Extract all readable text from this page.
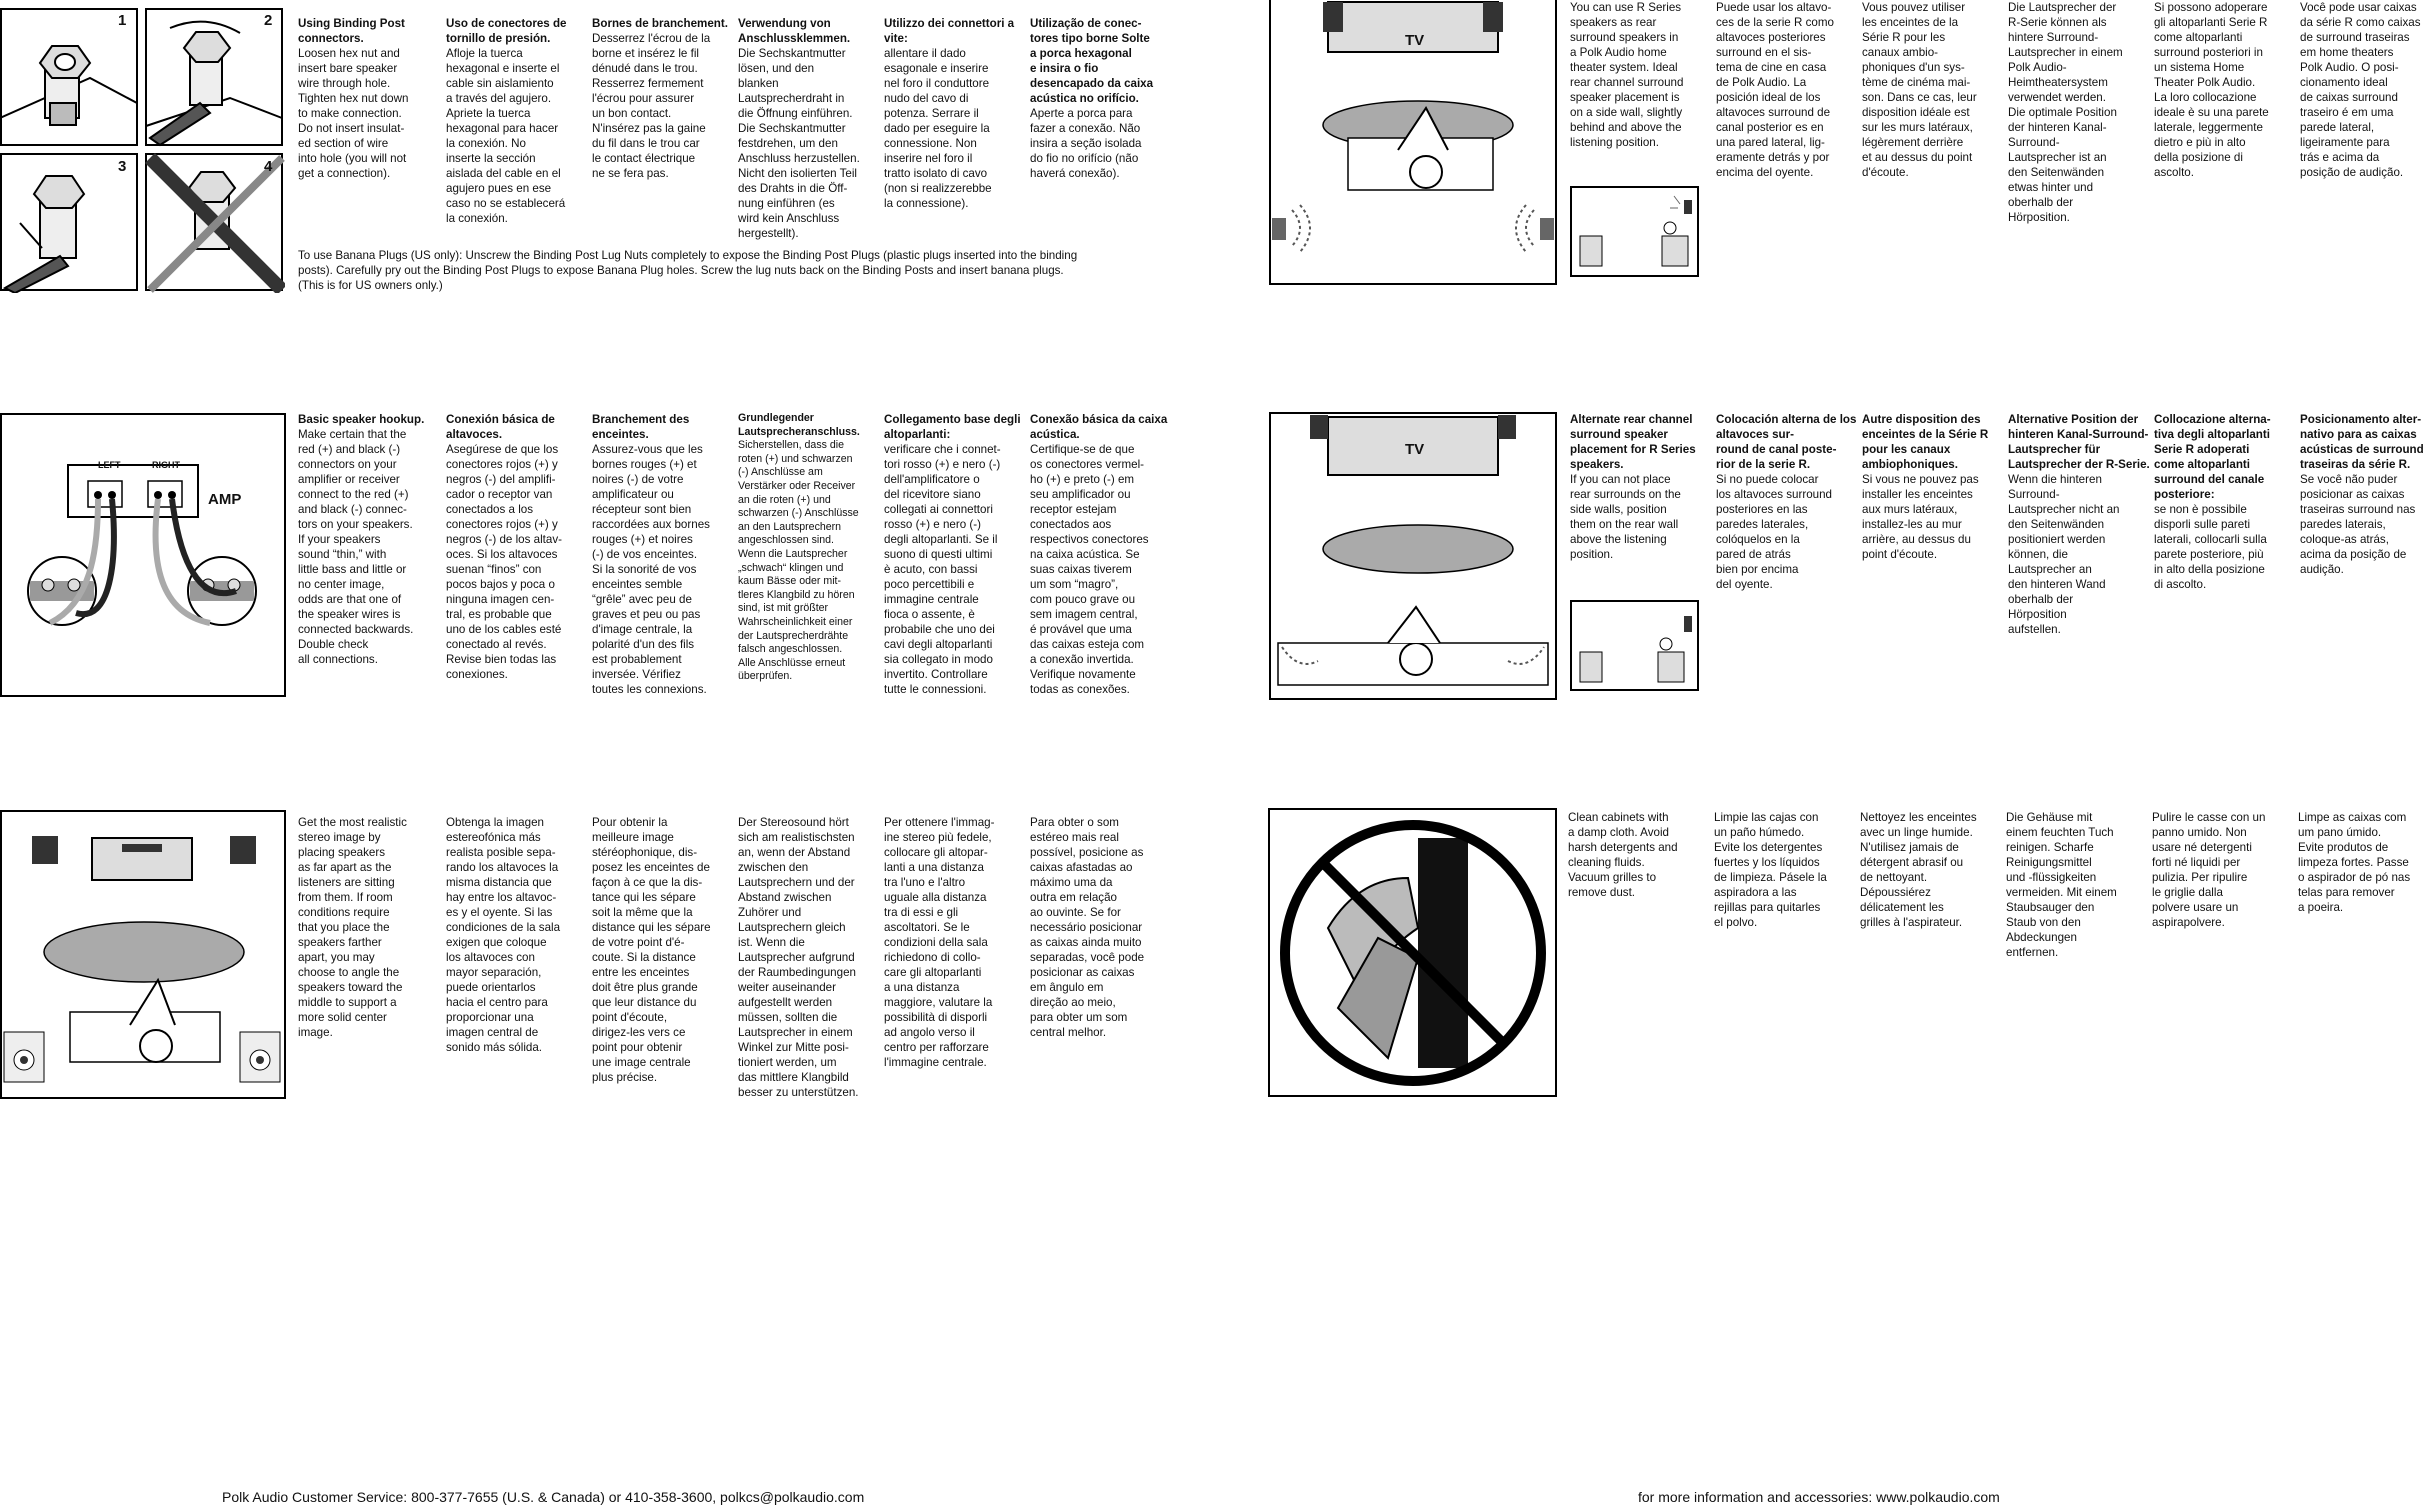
1	2
3	4
Using Binding Post connectors.
Loosen hex nut and
insert bare speaker
wire through hole.
Tighten hex nut down
to make connection.
Do not insert insulat-
ed section of wire
into hole (you will not
get a connection).
Uso de conectores de tornillo de presión.
Afloje la tuerca
hexagonal e inserte el
cable sin aislamiento
a través del agujero.
Apriete la tuerca
hexagonal para hacer
la conexión. No
inserte la sección
aislada del cable en el
agujero pues en ese
caso no se establecerá
la conexión.
Bornes de branchement.
Desserrez l'écrou de la
borne et insérez le fil
dénudé dans le trou.
Resserrez fermement
l'écrou pour assurer
un bon contact.
N'insérez pas la gaine
du fil dans le trou car
le contact électrique
ne se fera pas.
Verwendung von Anschlussklemmen.
Die Sechskantmutter
lösen, und den
blanken
Lautsprecherdraht in
die Öffnung einführen.
Die Sechskantmutter
festdrehen, um den
Anschluss herzustellen.
Nicht den isolierten Teil
des Drahts in die Öff-
nung einführen (es
wird kein Anschluss
hergestellt).
Utilizzo dei connettori a vite:
allentare il dado
esagonale e inserire
nel foro il conduttore
nudo del cavo di
potenza. Serrare il
dado per eseguire la
connessione. Non
inserire nel foro il
tratto isolato di cavo
(non si realizzerebbe
la connessione).
Utilização de conec-
tores tipo borne Solte
a porca hexagonal
e insira o fio
desencapado da caixa
acústica no orifício.
Aperte a porca para
fazer a conexão. Não
insira a seção isolada
do fio no orifício (não
haverá conexão).
To use Banana Plugs (US only): Unscrew the Binding Post Lug Nuts completely to expose the Binding Post Plugs (plastic plugs inserted into the binding
posts). Carefully pry out the Binding Post Plugs to expose Banana Plug holes. Screw the lug nuts back on the Binding Posts and insert banana plugs.
(This is for US owners only.)
LEFT	RIGHT
AMP
Basic speaker hookup.
Make certain that the
red (+) and black (-)
connectors on your
amplifier or receiver
connect to the red (+)
and black (-) connec-
tors on your speakers.
If your speakers
sound “thin,” with
little bass and little or
no center image,
odds are that one of
the speaker wires is
connected backwards.
Double check
all connections.
Conexión básica de altavoces.
Asegúrese de que los
conectores rojos (+) y
negros (-) del amplifi-
cador o receptor van
conectados a los
conectores rojos (+) y
negros (-) de los altav-
oces. Si los altavoces
suenan “finos” con
pocos bajos y poca o
ninguna imagen cen-
tral, es probable que
uno de los cables esté
conectado al revés.
Revise bien todas las
conexiones.
Branchement des enceintes.
Assurez-vous que les
bornes rouges (+) et
noires (-) de votre
amplificateur ou
récepteur sont bien
raccordées aux bornes
rouges (+) et noires
(-) de vos enceintes.
Si la sonorité de vos
enceintes semble
“grêle” avec peu de
graves et peu ou pas
d'image centrale, la
polarité d'un des fils
est probablement
inversée. Vérifiez
toutes les connexions.
Grundlegender Lautsprecheranschluss.
Sicherstellen, dass die
roten (+) und schwarzen
(-) Anschlüsse am
Verstärker oder Receiver
an die roten (+) und
schwarzen (-) Anschlüsse
an den Lautsprechern
angeschlossen sind.
Wenn die Lautsprecher
„schwach“ klingen und
kaum Bässe oder mit-
tleres Klangbild zu hören
sind, ist mit größter
Wahrscheinlichkeit einer
der Lautsprecherdrähte
falsch angeschlossen.
Alle Anschlüsse erneut
überprüfen.
Collegamento base degli altoparlanti:
verificare che i connet-
tori rosso (+) e nero (-)
dell'amplificatore o
del ricevitore siano
collegati ai connettori
rosso (+) e nero (-)
degli altoparlanti. Se il
suono di questi ultimi
è acuto, con bassi
poco percettibili e
immagine centrale
fioca o assente, è
probabile che uno dei
cavi degli altoparlanti
sia collegato in modo
invertito. Controllare
tutte le connessioni.
Conexão básica da caixa acústica.
Certifique-se de que
os conectores vermel-
ho (+) e preto (-) em
seu amplificador ou
receptor estejam
conectados aos
respectivos conectores
na caixa acústica. Se
suas caixas tiverem
um som “magro”,
com pouco grave ou
sem imagem central,
é provável que uma
das caixas esteja com
a conexão invertida.
Verifique novamente
todas as conexões.
Get the most realistic
stereo image by
placing speakers
as far apart as the
listeners are sitting
from them. If room
conditions require
that you place the
speakers farther
apart, you may
choose to angle the
speakers toward the
middle to support a
more solid center
image.
Obtenga la imagen
estereofónica más
realista posible sepa-
rando los altavoces la
misma distancia que
hay entre los altavoc-
es y el oyente. Si las
condiciones de la sala
exigen que coloque
los altavoces con
mayor separación,
puede orientarlos
hacia el centro para
proporcionar una
imagen central de
sonido más sólida.
Pour obtenir la
meilleure image
stéréophonique, dis-
posez les enceintes de
façon à ce que la dis-
tance qui les sépare
soit la même que la
distance qui les sépare
de votre point d'é-
coute. Si la distance
entre les enceintes
doit être plus grande
que leur distance du
point d'écoute,
dirigez-les vers ce
point pour obtenir
une image centrale
plus précise.
Der Stereosound hört
sich am realistischsten
an, wenn der Abstand
zwischen den
Lautsprechern und der
Abstand zwischen
Zuhörer und
Lautsprechern gleich
ist. Wenn die
Lautsprecher aufgrund
der Raumbedingungen
weiter auseinander
aufgestellt werden
müssen, sollten die
Lautsprecher in einem
Winkel zur Mitte posi-
tioniert werden, um
das mittlere Klangbild
besser zu unterstützen.
Per ottenere l'immag-
ine stereo più fedele,
collocare gli altopar-
lanti a una distanza
tra l'uno e l'altro
uguale alla distanza
tra di essi e gli
ascoltatori. Se le
condizioni della sala
richiedono di collo-
care gli altoparlanti
a una distanza
maggiore, valutare la
possibilità di disporli
ad angolo verso il
centro per rafforzare
l'immagine centrale.
Para obter o som
estéreo mais real
possível, posicione as
caixas afastadas ao
máximo uma da
outra em relação
ao ouvinte. Se for
necessário posicionar
as caixas ainda muito
separadas, você pode
posicionar as caixas
em ângulo em
direção ao meio,
para obter um som
central melhor.
TV
You can use R Series
speakers as rear
surround speakers in
a Polk Audio home
theater system. Ideal
rear channel surround
speaker placement is
on a side wall, slightly
behind and above the
listening position.
Puede usar los altavo-
ces de la serie R como
altavoces posteriores
surround en el sis-
tema de cine en casa
de Polk Audio. La
posición ideal de los
altavoces surround de
canal posterior es en
una pared lateral, lig-
eramente detrás y por
encima del oyente.
Vous pouvez utiliser
les enceintes de la
Série R pour les
canaux ambio-
phoniques d'un sys-
tème de cinéma mai-
son. Dans ce cas, leur
disposition idéale est
sur les murs latéraux,
légèrement derrière
et au dessus du point
d'écoute.
Die Lautsprecher der
R-Serie können als
hintere Surround-
Lautsprecher in einem
Polk Audio-
Heimtheatersystem
verwendet werden.
Die optimale Position
der hinteren Kanal-
Surround-
Lautsprecher ist an
den Seitenwänden
etwas hinter und
oberhalb der
Hörposition.
Si possono adoperare
gli altoparlanti Serie R
come altoparlanti
surround posteriori in
un sistema Home
Theater Polk Audio.
La loro collocazione
ideale è su una parete
laterale, leggermente
dietro e più in alto
della posizione di
ascolto.
Você pode usar caixas
da série R como caixas
de surround traseiras
em home theaters
Polk Audio. O posi-
cionamento ideal
de caixas surround
traseiro é em uma
parede lateral,
ligeiramente para
trás e acima da
posição de audição.
TV
Alternate rear channel surround speaker placement for R Series speakers.
If you can not place
rear surrounds on the
side walls, position
them on the rear wall
above the listening
position.
Colocación alterna de los altavoces sur-
round de canal poste-
rior de la serie R.
Si no puede colocar
los altavoces surround
posteriores en las
paredes laterales,
colóquelos en la
pared de atrás
bien por encima
del oyente.
Autre disposition des enceintes de la Série R pour les canaux ambiophoniques.
Si vous ne pouvez pas
installer les enceintes
aux murs latéraux,
installez-les au mur
arrière, au dessus du
point d'écoute.
Alternative Position der hinteren Kanal-Surround-Lautsprecher für Lautsprecher der R-Serie.
Wenn die hinteren
Surround-
Lautsprecher nicht an
den Seitenwänden
positioniert werden
können, die
Lautsprecher an
den hinteren Wand
oberhalb der
Hörposition
aufstellen.
Collocazione alterna-
tiva degli altoparlanti
Serie R adoperati
come altoparlanti
surround del canale
posteriore:
se non è possibile
disporli sulle pareti
laterali, collocarli sulla
parete posteriore, più
in alto della posizione
di ascolto.
Posicionamento alter-
nativo para as caixas
acústicas de surround
traseiras da série R.
Se você não puder
posicionar as caixas
traseiras surround nas
paredes laterais,
coloque-as atrás,
acima da posição de
audição.
Clean cabinets with
a damp cloth. Avoid
harsh detergents and
cleaning fluids.
Vacuum grilles to
remove dust.
Limpie las cajas con
un paño húmedo.
Evite los detergentes
fuertes y los líquidos
de limpieza. Pásele la
aspiradora a las
rejillas para quitarles
el polvo.
Nettoyez les enceintes
avec un linge humide.
N'utilisez jamais de
détergent abrasif ou
de nettoyant.
Dépoussiérez
délicatement les
grilles à l'aspirateur.
Die Gehäuse mit
einem feuchten Tuch
reinigen. Scharfe
Reinigungsmittel
und -flüssigkeiten
vermeiden. Mit einem
Staubsauger den
Staub von den
Abdeckungen
entfernen.
Pulire le casse con un
panno umido. Non
usare né detergenti
forti né liquidi per
pulizia. Per ripulire
le griglie dalla
polvere usare un
aspirapolvere.
Limpe as caixas com
um pano úmido.
Evite produtos de
limpeza fortes. Passe
o aspirador de pó nas
telas para remover
a poeira.
Polk Audio Customer Service: 800-377-7655 (U.S. & Canada) or 410-358-3600, polkcs@polkaudio.com	for more information and accessories: www.polkaudio.com
